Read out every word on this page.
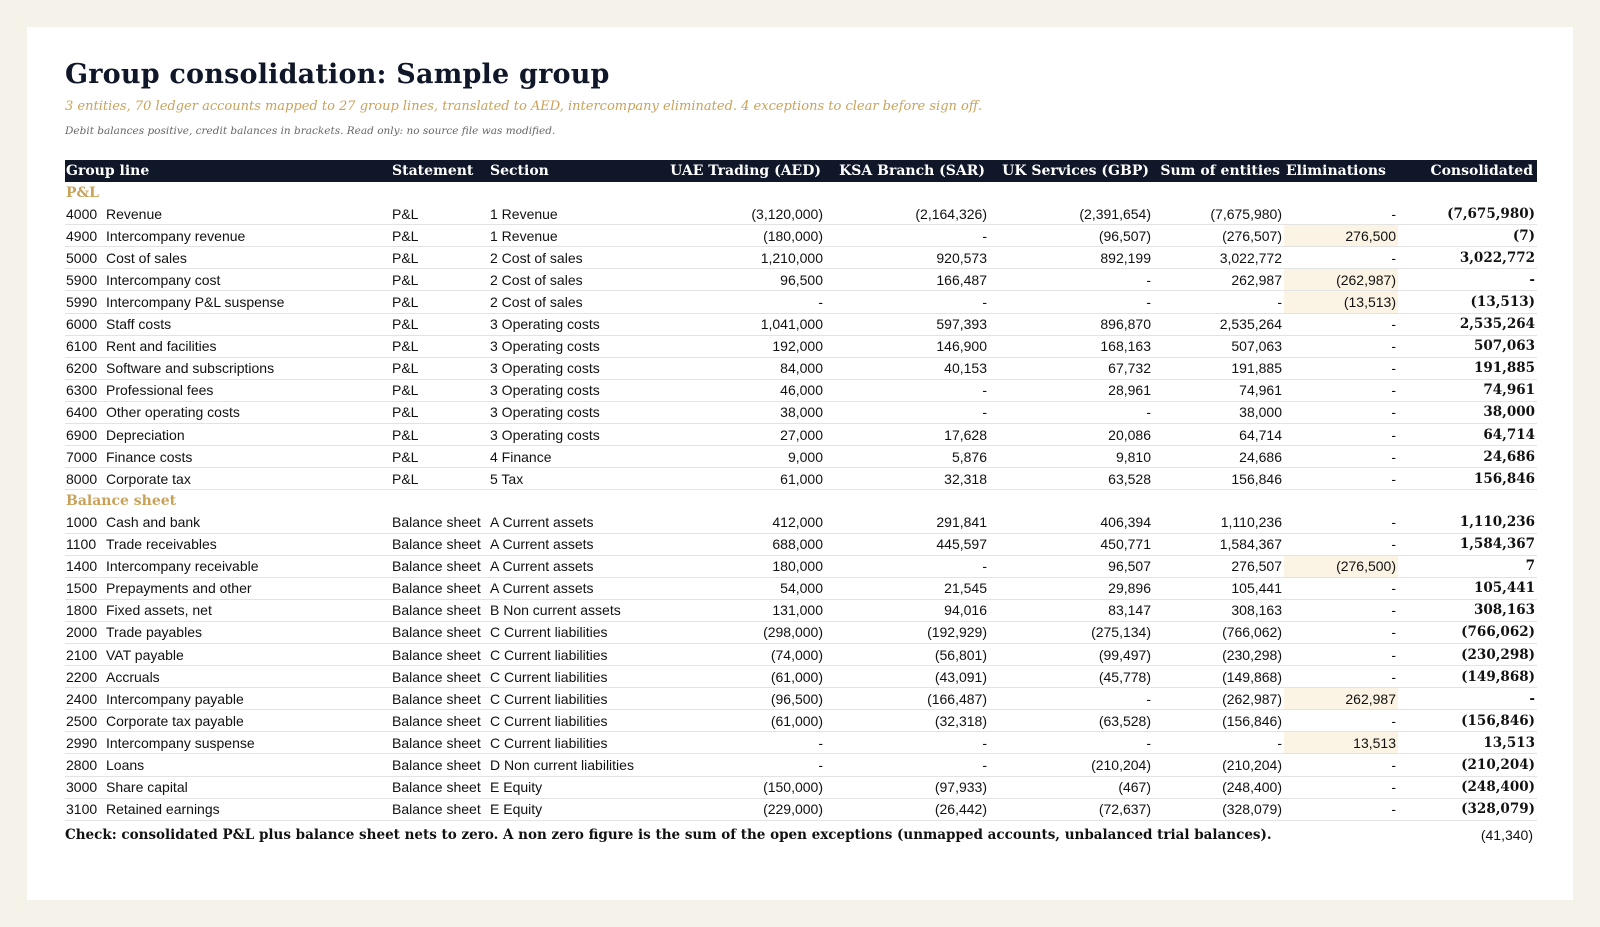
Group consolidation: Sample group
3 entities, 70 ledger accounts mapped to 27 group lines, translated to AED, intercompany eliminated. 4 exceptions to clear before sign off.
Debit balances positive, credit balances in brackets. Read only: no source file was modified.
Group line	Statement	Section	UAE Trading (AED)	KSA Branch (SAR)	UK Services (GBP)	Sum of entities	Eliminations	Consolidated
P&L								
4000 Revenue	P&L	1 Revenue	(3,120,000)	(2,164,326)	(2,391,654)	(7,675,980)	-	(7,675,980)
4900 Intercompany revenue	P&L	1 Revenue	(180,000)	-	(96,507)	(276,507)	276,500	(7)
5000 Cost of sales	P&L	2 Cost of sales	1,210,000	920,573	892,199	3,022,772	-	3,022,772
5900 Intercompany cost	P&L	2 Cost of sales	96,500	166,487	-	262,987	(262,987)	-
5990 Intercompany P&L suspense	P&L	2 Cost of sales	-	-	-	-	(13,513)	(13,513)
6000 Staff costs	P&L	3 Operating costs	1,041,000	597,393	896,870	2,535,264	-	2,535,264
6100 Rent and facilities	P&L	3 Operating costs	192,000	146,900	168,163	507,063	-	507,063
6200 Software and subscriptions	P&L	3 Operating costs	84,000	40,153	67,732	191,885	-	191,885
6300 Professional fees	P&L	3 Operating costs	46,000	-	28,961	74,961	-	74,961
6400 Other operating costs	P&L	3 Operating costs	38,000	-	-	38,000	-	38,000
6900 Depreciation	P&L	3 Operating costs	27,000	17,628	20,086	64,714	-	64,714
7000 Finance costs	P&L	4 Finance	9,000	5,876	9,810	24,686	-	24,686
8000 Corporate tax	P&L	5 Tax	61,000	32,318	63,528	156,846	-	156,846
Balance sheet								
1000 Cash and bank	Balance sheet	A Current assets	412,000	291,841	406,394	1,110,236	-	1,110,236
1100 Trade receivables	Balance sheet	A Current assets	688,000	445,597	450,771	1,584,367	-	1,584,367
1400 Intercompany receivable	Balance sheet	A Current assets	180,000	-	96,507	276,507	(276,500)	7
1500 Prepayments and other	Balance sheet	A Current assets	54,000	21,545	29,896	105,441	-	105,441
1800 Fixed assets, net	Balance sheet	B Non current assets	131,000	94,016	83,147	308,163	-	308,163
2000 Trade payables	Balance sheet	C Current liabilities	(298,000)	(192,929)	(275,134)	(766,062)	-	(766,062)
2100 VAT payable	Balance sheet	C Current liabilities	(74,000)	(56,801)	(99,497)	(230,298)	-	(230,298)
2200 Accruals	Balance sheet	C Current liabilities	(61,000)	(43,091)	(45,778)	(149,868)	-	(149,868)
2400 Intercompany payable	Balance sheet	C Current liabilities	(96,500)	(166,487)	-	(262,987)	262,987	-
2500 Corporate tax payable	Balance sheet	C Current liabilities	(61,000)	(32,318)	(63,528)	(156,846)	-	(156,846)
2990 Intercompany suspense	Balance sheet	C Current liabilities	-	-	-	-	13,513	13,513
2800 Loans	Balance sheet	D Non current liabilities	-	-	(210,204)	(210,204)	-	(210,204)
3000 Share capital	Balance sheet	E Equity	(150,000)	(97,933)	(467)	(248,400)	-	(248,400)
3100 Retained earnings	Balance sheet	E Equity	(229,000)	(26,442)	(72,637)	(328,079)	-	(328,079)
Check: consolidated P&L plus balance sheet nets to zero. A non zero figure is the sum of the open exceptions (unmapped accounts, unbalanced trial balances).	(41,340)
